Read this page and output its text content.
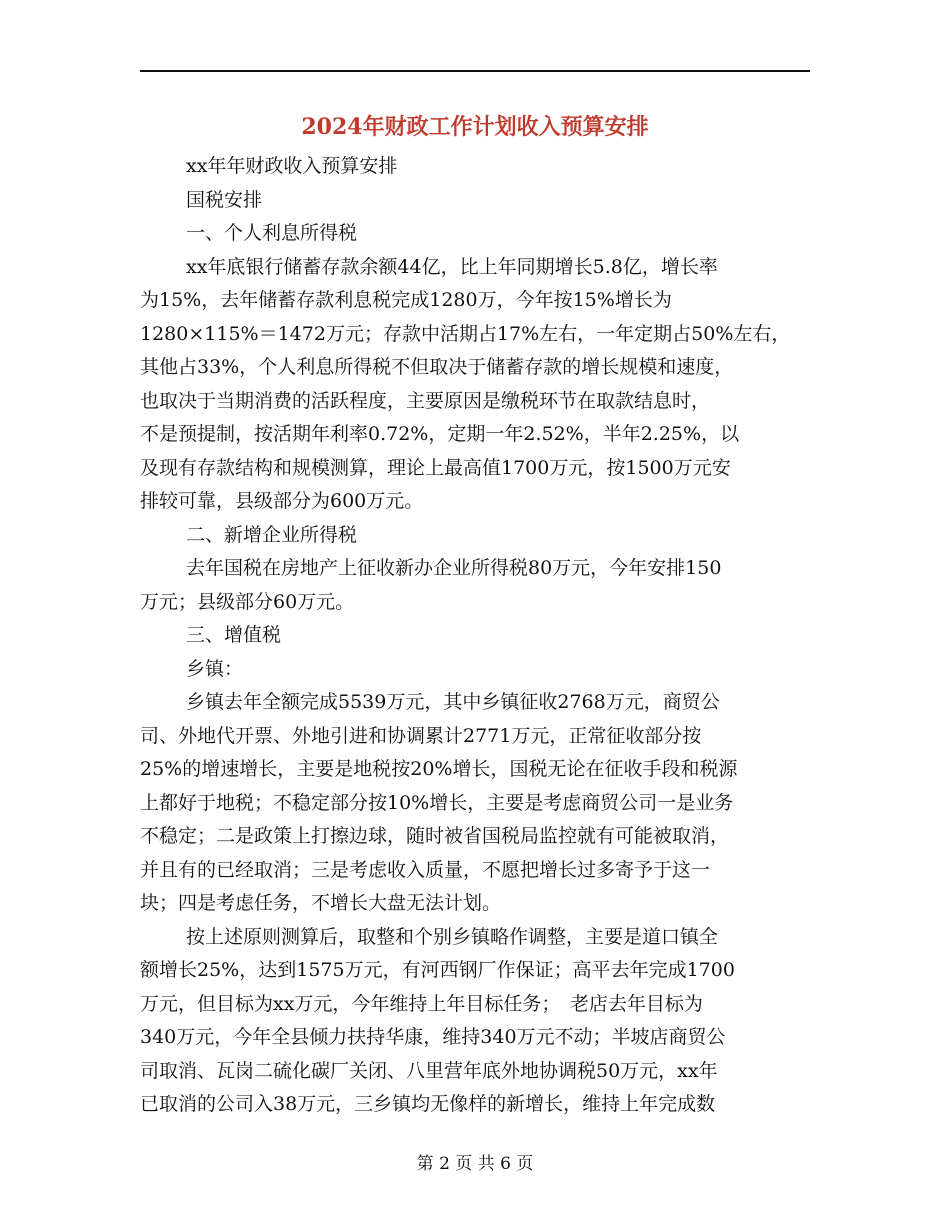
2024年财政工作计划收入预算安排
xx年年财政收入预算安排
国税安排
一、个人利息所得税
xx年底银行储蓄存款余额44亿，比上年同期增长5.8亿，增长率
为15%，去年储蓄存款利息税完成1280万，今年按15%增长为
1280×115%＝1472万元；存款中活期占17%左右，一年定期占50%左右，
其他占33%，个人利息所得税不但取决于储蓄存款的增长规模和速度，
也取决于当期消费的活跃程度，主要原因是缴税环节在取款结息时，
不是预提制，按活期年利率0.72%，定期一年2.52%，半年2.25%，以
及现有存款结构和规模测算，理论上最高值1700万元，按1500万元安
排较可靠，县级部分为600万元。
二、新增企业所得税
去年国税在房地产上征收新办企业所得税80万元，今年安排150
万元；县级部分60万元。
三、增值税
乡镇：
乡镇去年全额完成5539万元，其中乡镇征收2768万元，商贸公
司、外地代开票、外地引进和协调累计2771万元，正常征收部分按
25%的增速增长，主要是地税按20%增长，国税无论在征收手段和税源
上都好于地税；不稳定部分按10%增长，主要是考虑商贸公司一是业务
不稳定；二是政策上打擦边球，随时被省国税局监控就有可能被取消，
并且有的已经取消；三是考虑收入质量，不愿把增长过多寄予于这一
块；四是考虑任务，不增长大盘无法计划。
按上述原则测算后，取整和个别乡镇略作调整，主要是道口镇全
额增长25%，达到1575万元，有河西钢厂作保证；高平去年完成1700
万元，但目标为xx万元，今年维持上年目标任务；　老店去年目标为
340万元，今年全县倾力扶持华康，维持340万元不动；半坡店商贸公
司取消、瓦岗二硫化碳厂关闭、八里营年底外地协调税50万元，xx年
已取消的公司入38万元，三乡镇均无像样的新增长，维持上年完成数
第 2 页 共 6 页
